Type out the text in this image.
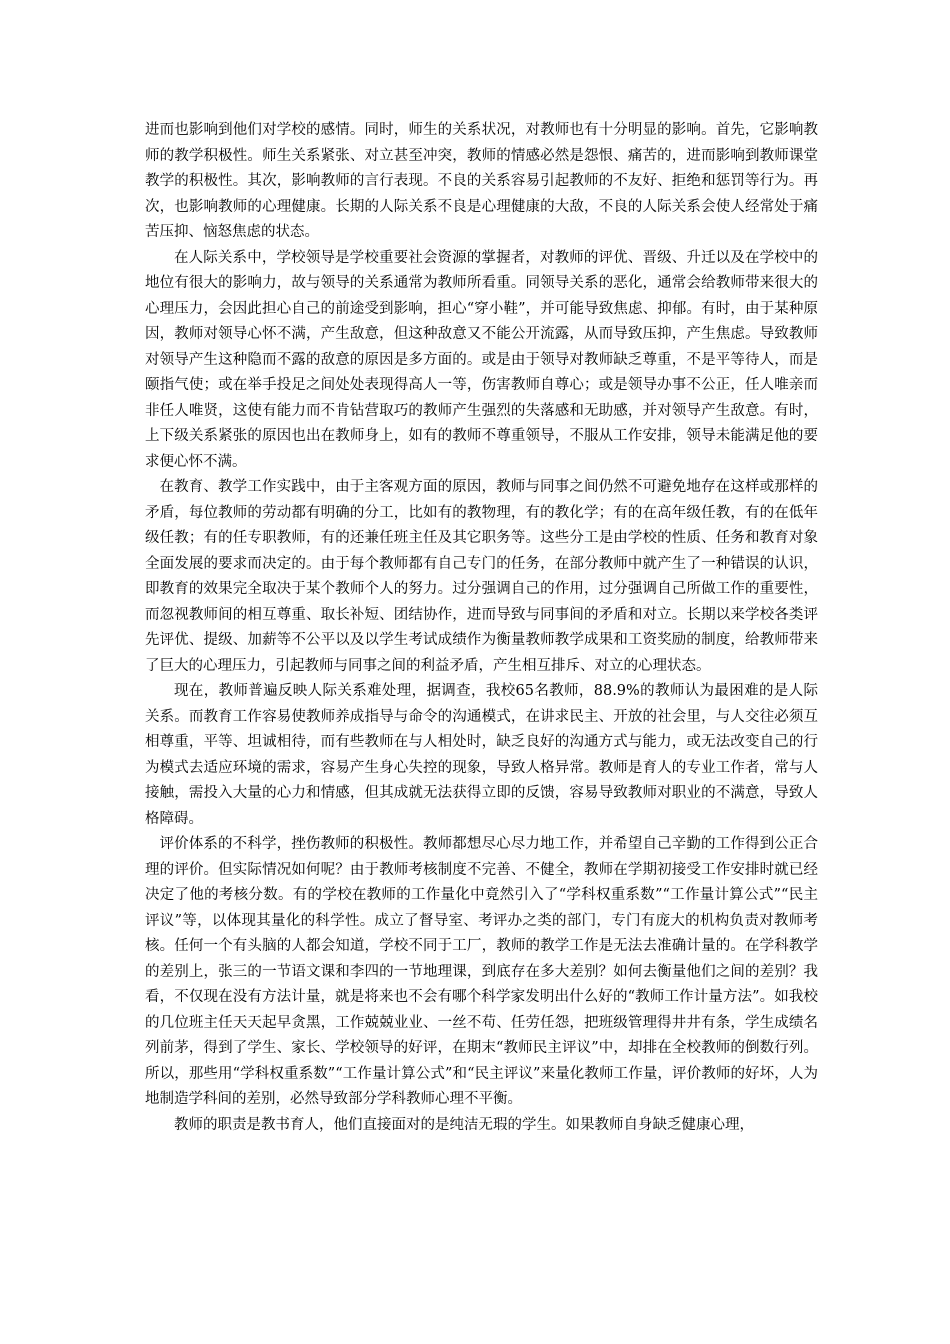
进而也影响到他们对学校的感情。同时，师生的关系状况，对教师也有十分明显的影响。首先，它影响教师的教学积极性。师生关系紧张、对立甚至冲突，教师的情感必然是怨恨、痛苦的，进而影响到教师课堂教学的积极性。其次，影响教师的言行表现。不良的关系容易引起教师的不友好、拒绝和惩罚等行为。再次，也影响教师的心理健康。长期的人际关系不良是心理健康的大敌，不良的人际关系会使人经常处于痛苦压抑、恼怒焦虑的状态。

在人际关系中，学校领导是学校重要社会资源的掌握者，对教师的评优、晋级、升迁以及在学校中的地位有很大的影响力，故与领导的关系通常为教师所看重。同领导关系的恶化，通常会给教师带来很大的心理压力，会因此担心自己的前途受到影响，担心“穿小鞋”，并可能导致焦虑、抑郁。有时，由于某种原因，教师对领导心怀不满，产生敌意，但这种敌意又不能公开流露，从而导致压抑，产生焦虑。导致教师对领导产生这种隐而不露的敌意的原因是多方面的。或是由于领导对教师缺乏尊重，不是平等待人，而是颐指气使；或在举手投足之间处处表现得高人一等，伤害教师自尊心；或是领导办事不公正，任人唯亲而非任人唯贤，这使有能力而不肯钻营取巧的教师产生强烈的失落感和无助感，并对领导产生敌意。有时，上下级关系紧张的原因也出在教师身上，如有的教师不尊重领导，不服从工作安排，领导未能满足他的要求便心怀不满。

在教育、教学工作实践中，由于主客观方面的原因，教师与同事之间仍然不可避免地存在这样或那样的矛盾，每位教师的劳动都有明确的分工，比如有的教物理，有的教化学；有的在高年级任教，有的在低年级任教；有的任专职教师，有的还兼任班主任及其它职务等。这些分工是由学校的性质、任务和教育对象全面发展的要求而决定的。由于每个教师都有自己专门的任务，在部分教师中就产生了一种错误的认识，即教育的效果完全取决于某个教师个人的努力。过分强调自己的作用，过分强调自己所做工作的重要性，而忽视教师间的相互尊重、取长补短、团结协作，进而导致与同事间的矛盾和对立。长期以来学校各类评先评优、提级、加薪等不公平以及以学生考试成绩作为衡量教师教学成果和工资奖励的制度，给教师带来了巨大的心理压力，引起教师与同事之间的利益矛盾，产生相互排斥、对立的心理状态。

现在，教师普遍反映人际关系难处理，据调查，我校65名教师，88.9%的教师认为最困难的是人际关系。而教育工作容易使教师养成指导与命令的沟通模式，在讲求民主、开放的社会里，与人交往必须互相尊重，平等、坦诚相待，而有些教师在与人相处时，缺乏良好的沟通方式与能力，或无法改变自己的行为模式去适应环境的需求，容易产生身心失控的现象，导致人格异常。教师是育人的专业工作者，常与人接触，需投入大量的心力和情感，但其成就无法获得立即的反馈，容易导致教师对职业的不满意，导致人格障碍。

评价体系的不科学，挫伤教师的积极性。教师都想尽心尽力地工作，并希望自己辛勤的工作得到公正合理的评价。但实际情况如何呢？由于教师考核制度不完善、不健全，教师在学期初接受工作安排时就已经决定了他的考核分数。有的学校在教师的工作量化中竟然引入了“学科权重系数”“工作量计算公式”“民主评议”等，以体现其量化的科学性。成立了督导室、考评办之类的部门，专门有庞大的机构负责对教师考核。任何一个有头脑的人都会知道，学校不同于工厂，教师的教学工作是无法去准确计量的。在学科教学的差别上，张三的一节语文课和李四的一节地理课，到底存在多大差别？如何去衡量他们之间的差别？我看，不仅现在没有方法计量，就是将来也不会有哪个科学家发明出什么好的“教师工作计量方法”。如我校的几位班主任天天起早贪黑，工作兢兢业业、一丝不苟、任劳任怨，把班级管理得井井有条，学生成绩名列前茅，得到了学生、家长、学校领导的好评，在期末“教师民主评议”中，却排在全校教师的倒数行列。所以，那些用“学科权重系数”“工作量计算公式”和“民主评议”来量化教师工作量，评价教师的好坏，人为地制造学科间的差别，必然导致部分学科教师心理不平衡。

教师的职责是教书育人，他们直接面对的是纯洁无瑕的学生。如果教师自身缺乏健康心理，
